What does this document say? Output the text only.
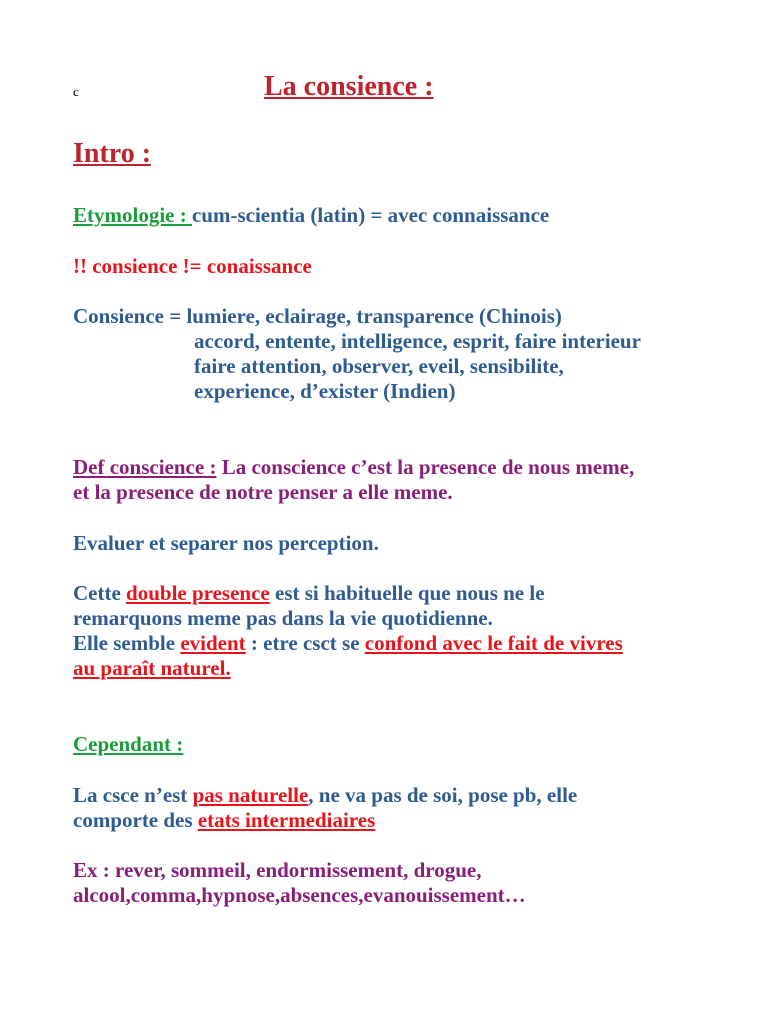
c	La consience :
Intro :
Etymologie : cum-scientia (latin) = avec connaissance
!! consience != conaissance
Consience = lumiere, eclairage, transparence (Chinois)
accord, entente, intelligence, esprit, faire interieur
faire attention, observer, eveil, sensibilite,
experience, d’exister (Indien)
Def conscience : La conscience c’est la presence de nous meme,
et la presence de notre penser a elle meme.
Evaluer et separer nos perception.
Cette double presence est si habituelle que nous ne le
remarquons meme pas dans la vie quotidienne.
Elle semble evident : etre csct se confond avec le fait de vivres
au paraît naturel.
Cependant :
La csce n’est pas naturelle, ne va pas de soi, pose pb, elle
comporte des etats intermediaires
Ex : rever, sommeil, endormissement, drogue,
alcool,comma,hypnose,absences,evanouissement…
